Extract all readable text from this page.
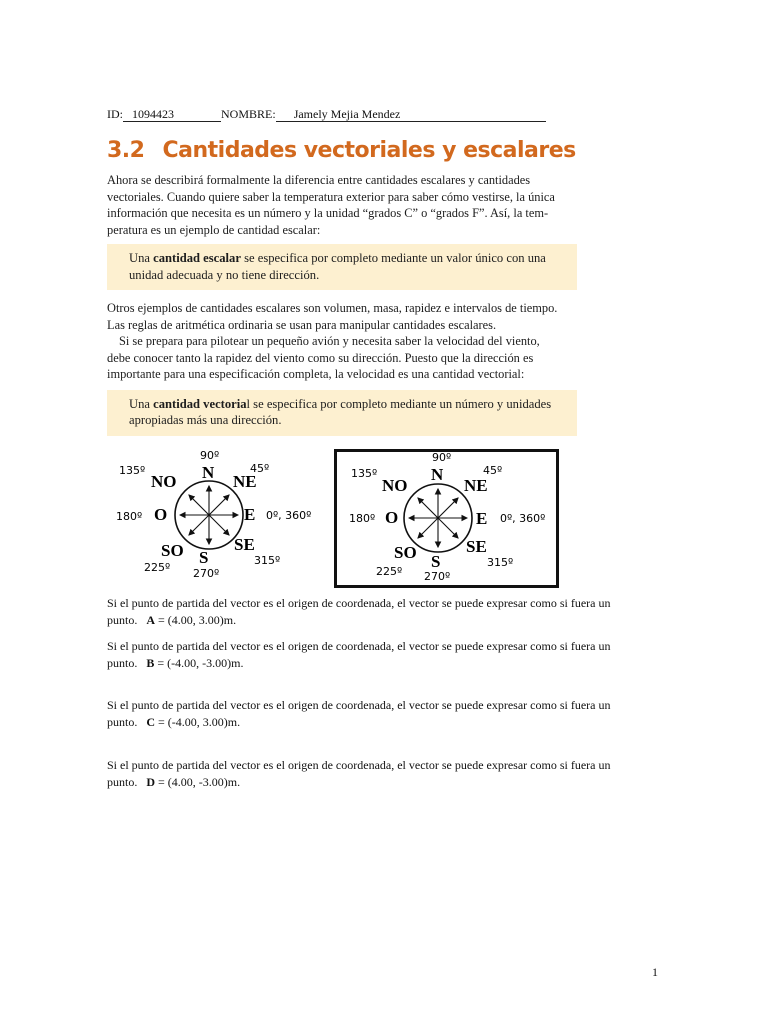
ID: 1094423	NOMBRE: Jamely Mejia Mendez
3.2 Cantidades vectoriales y escalares

Ahora se describirá formalmente la diferencia entre cantidades escalares y cantidades

vectoriales. Cuando quiere saber la temperatura exterior para saber cómo vestirse, la única

información que necesita es un número y la unidad “grados C” o “grados F”. Así, la tem-

peratura es un ejemplo de cantidad escalar:

Una cantidad escalar se especifica por completo mediante un valor único con una
unidad adecuada y no tiene dirección.

Otros ejemplos de cantidades escalares son volumen, masa, rapidez e intervalos de tiempo.

Las reglas de aritmética ordinaria se usan para manipular cantidades escalares.

Si se prepara para pilotear un pequeño avión y necesita saber la velocidad del viento,

debe conocer tanto la rapidez del viento como su dirección. Puesto que la dirección es

importante para una especificación completa, la velocidad es una cantidad vectorial:

Una cantidad vectorial se especifica por completo mediante un número y unidades
apropiadas más una dirección.
90º
N
135º
NO
45º
NE
180º O	E 0º, 360º
SO	SE
S
225º 270º
315º
90º
N
135º
NO
45º
NE
180º O	E 0º, 360º
SO	SE
S
225º 270º
315º
Si el punto de partida del vector es el origen de coordenada, el vector se puede expresar como si fuera un
punto. A = (4.00, 3.00)m.
Si el punto de partida del vector es el origen de coordenada, el vector se puede expresar como si fuera un
punto. B = (-4.00, -3.00)m.
Si el punto de partida del vector es el origen de coordenada, el vector se puede expresar como si fuera un
punto. C = (-4.00, 3.00)m.
Si el punto de partida del vector es el origen de coordenada, el vector se puede expresar como si fuera un
punto. D = (4.00, -3.00)m.
1
